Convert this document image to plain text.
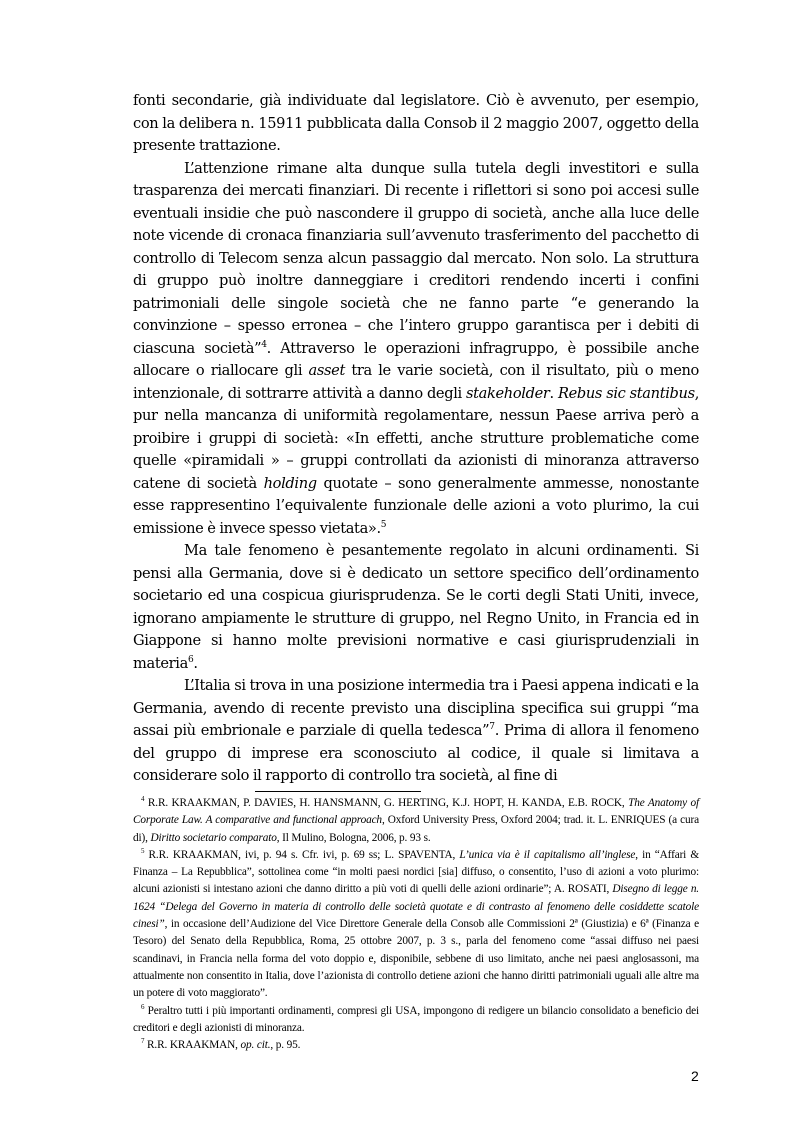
fonti secondarie, già individuate dal legislatore. Ciò è avvenuto, per esempio, con la delibera n. 15911 pubblicata dalla Consob il 2 maggio 2007, oggetto della presente trattazione.

L’attenzione rimane alta dunque sulla tutela degli investitori e sulla trasparenza dei mercati finanziari. Di recente i riflettori si sono poi accesi sulle eventuali insidie che può nascondere il gruppo di società, anche alla luce delle note vicende di cronaca finanziaria sull’avvenuto trasferimento del pacchetto di controllo di Telecom senza alcun passaggio dal mercato. Non solo. La struttura di gruppo può inoltre danneggiare i creditori rendendo incerti i confini patrimoniali delle singole società che ne fanno parte “e generando la convinzione – spesso erronea – che l’intero gruppo garantisca per i debiti di ciascuna società”$^4$. Attraverso le operazioni infragruppo, è possibile anche allocare o riallocare gli asset tra le varie società, con il risultato, più o meno intenzionale, di sottrarre attività a danno degli stakeholder. Rebus sic stantibus, pur nella mancanza di uniformità regolamentare, nessun Paese arriva però a proibire i gruppi di società: «In effetti, anche strutture problematiche come quelle «piramidali » – gruppi controllati da azionisti di minoranza attraverso catene di società holding quotate – sono generalmente ammesse, nonostante esse rappresentino l’equivalente funzionale delle azioni a voto plurimo, la cui emissione è invece spesso vietata».$^5$

Ma tale fenomeno è pesantemente regolato in alcuni ordinamenti. Si pensi alla Germania, dove si è dedicato un settore specifico dell’ordinamento societario ed una cospicua giurisprudenza. Se le corti degli Stati Uniti, invece, ignorano ampiamente le strutture di gruppo, nel Regno Unito, in Francia ed in Giappone si hanno molte previsioni normative e casi giurisprudenziali in materia$^6$.

L’Italia si trova in una posizione intermedia tra i Paesi appena indicati e la Germania, avendo di recente previsto una disciplina specifica sui gruppi “ma assai più embrionale e parziale di quella tedesca”$^7$. Prima di allora il fenomeno del gruppo di imprese era sconosciuto al codice, il quale si limitava a considerare solo il rapporto di controllo tra società, al fine di

$^4$ R.R. KRAAKMAN, P. DAVIES, H. HANSMANN, G. HERTING, K.J. HOPT, H. KANDA, E.B. ROCK, The Anatomy of Corporate Law. A comparative and functional approach, Oxford University Press, Oxford 2004; trad. it. L. ENRIQUES (a cura di), Diritto societario comparato, Il Mulino, Bologna, 2006, p. 93 s.

$^5$ R.R. KRAAKMAN, ivi, p. 94 s. Cfr. ivi, p. 69 ss; L. SPAVENTA, L’unica via è il capitalismo all’inglese, in “Affari & Finanza – La Repubblica”, sottolinea come “in molti paesi nordici [sia] diffuso, o consentito, l’uso di azioni a voto plurimo: alcuni azionisti si intestano azioni che danno diritto a più voti di quelli delle azioni ordinarie”; A. ROSATI, Disegno di legge n. 1624 “Delega del Governo in materia di controllo delle società quotate e di contrasto al fenomeno delle cosiddette scatole cinesi”, in occasione dell’Audizione del Vice Direttore Generale della Consob alle Commissioni 2ª (Giustizia) e 6ª (Finanza e Tesoro) del Senato della Repubblica, Roma, 25 ottobre 2007, p. 3 s., parla del fenomeno come “assai diffuso nei paesi scandinavi, in Francia nella forma del voto doppio e, disponibile, sebbene di uso limitato, anche nei paesi anglosassoni, ma attualmente non consentito in Italia, dove l’azionista di controllo detiene azioni che hanno diritti patrimoniali uguali alle altre ma un potere di voto maggiorato”.

$^6$ Peraltro tutti i più importanti ordinamenti, compresi gli USA, impongono di redigere un bilancio consolidato a beneficio dei creditori e degli azionisti di minoranza.

$^7$ R.R. KRAAKMAN, op. cit., p. 95.

2
